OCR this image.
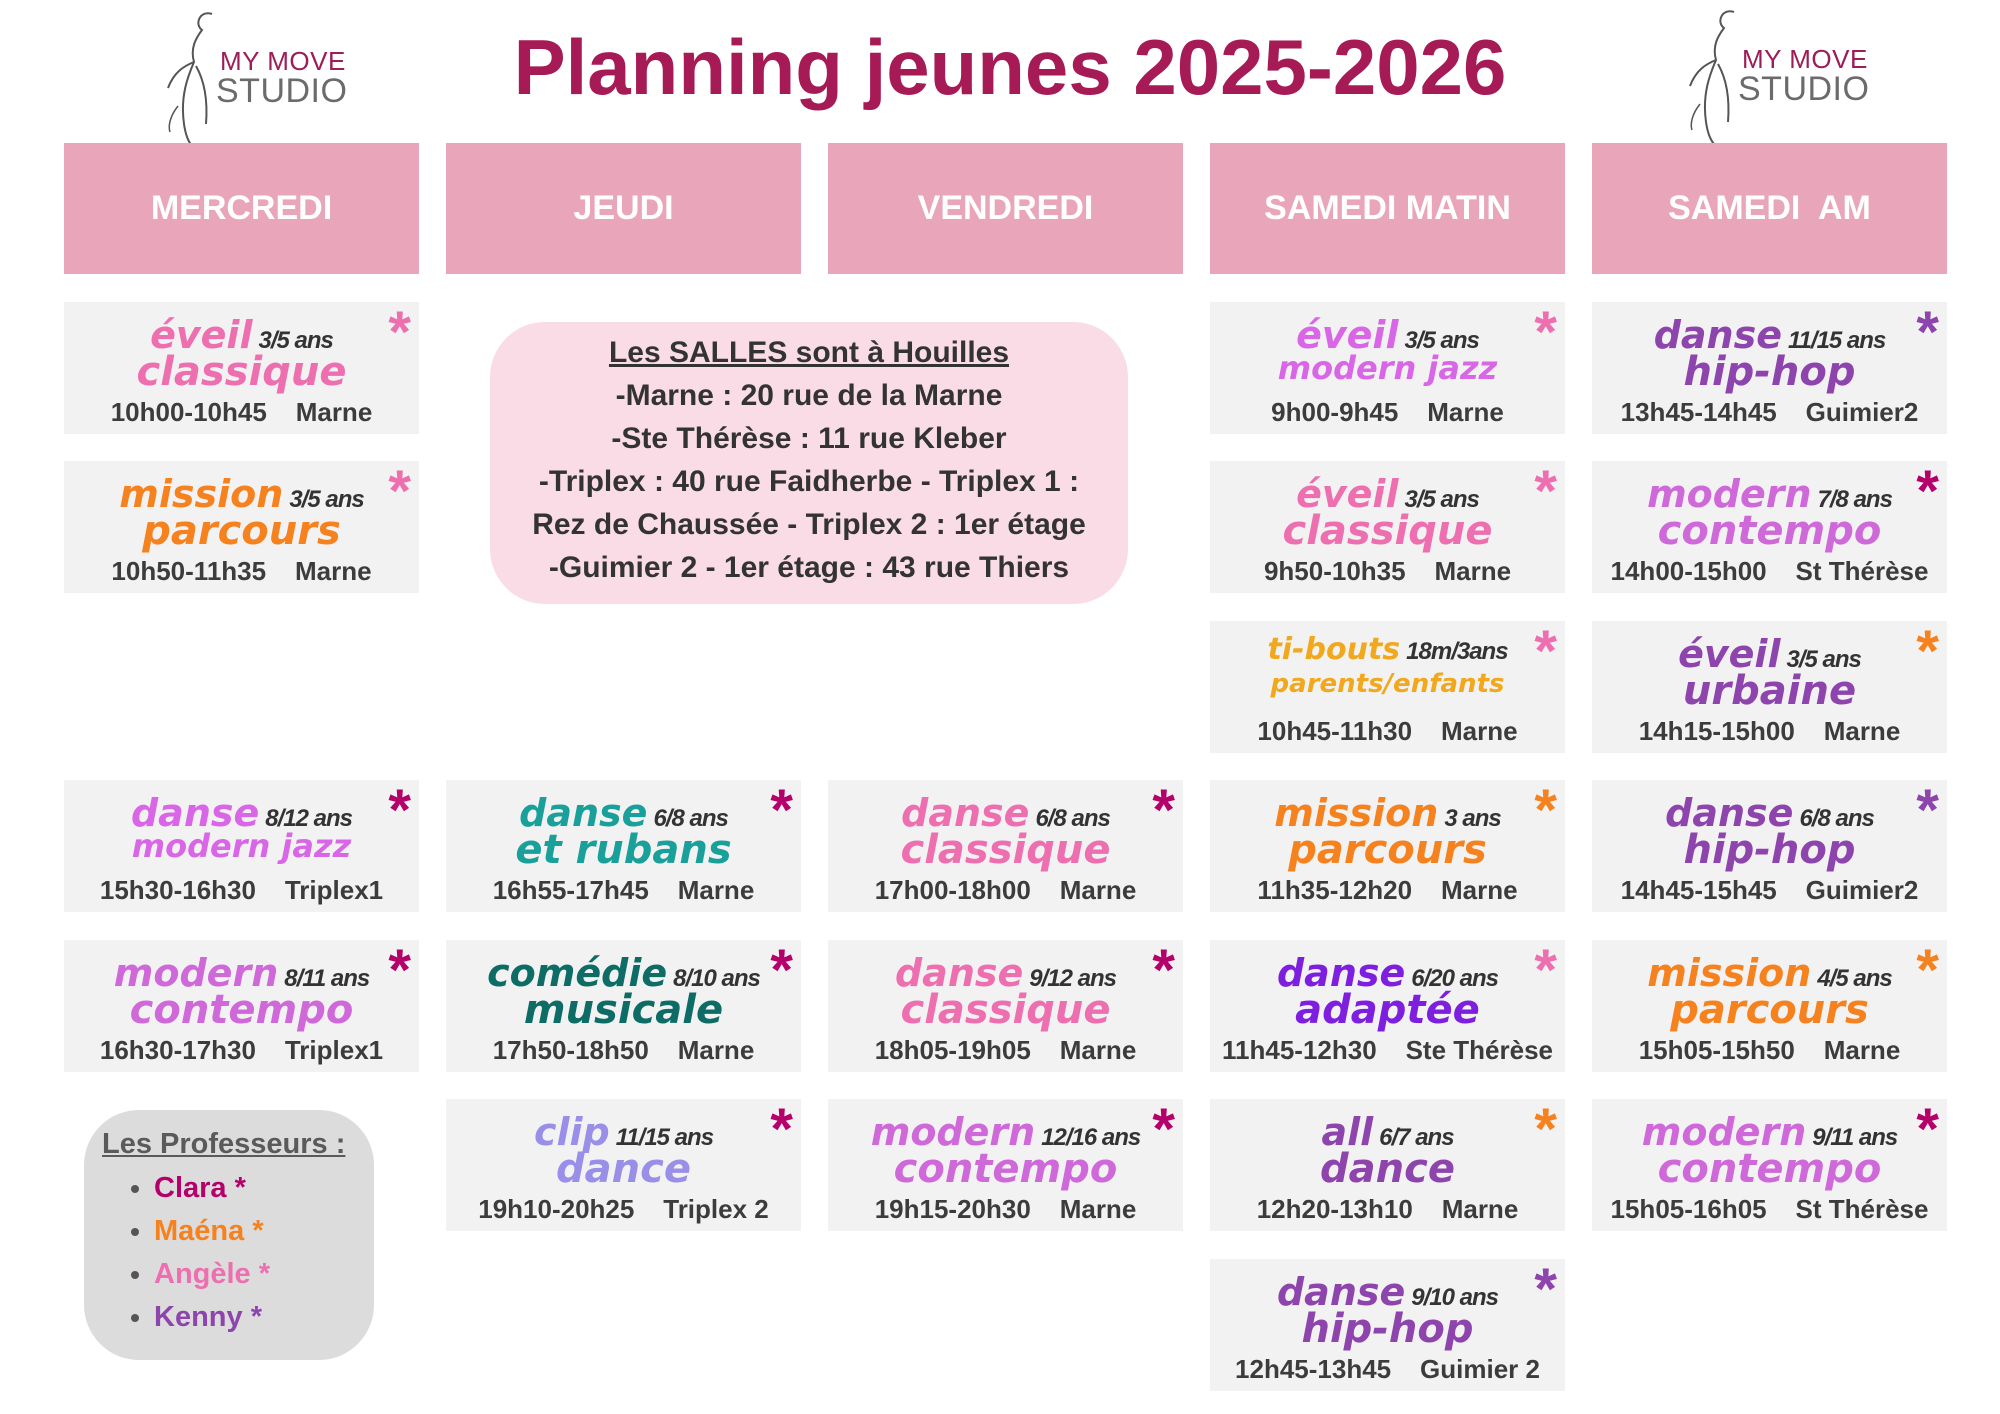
MY MOVE
STUDIO
MY MOVE
STUDIO
Planning jeunes 2025-2026
MERCREDI	JEUDI	VENDREDI	SAMEDI MATIN	SAMEDI  AM
Les SALLES sont à Houilles
-Marne : 20 rue de la Marne
-Ste Thérèse : 11 rue Kleber
-Triplex : 40 rue Faidherbe - Triplex 1 :
Rez de Chaussée - Triplex 2 : 1er étage
-Guimier 2 - 1er étage : 43 rue Thiers
Les Professeurs :
• Clara *
• Maéna *
• Angèle *
• Kenny *
éveil 3/5 ans
classique
10h00-10h45    Marne
*
mission 3/5 ans
parcours
10h50-11h35    Marne
*
danse 8/12 ans
modern jazz
15h30-16h30    Triplex1
*
modern 8/11 ans
contempo
16h30-17h30    Triplex1
*
danse 6/8 ans
et rubans
16h55-17h45    Marne
*
comédie 8/10 ans
musicale
17h50-18h50    Marne
*
clip 11/15 ans
dance
19h10-20h25    Triplex 2
*
danse 6/8 ans
classique
17h00-18h00    Marne
*
danse 9/12 ans
classique
18h05-19h05    Marne
*
modern 12/16 ans
contempo
19h15-20h30    Marne
*
éveil 3/5 ans
modern jazz
9h00-9h45    Marne
*
éveil 3/5 ans
classique
9h50-10h35    Marne
*
ti-bouts 18m/3ans
parents/enfants
10h45-11h30    Marne
*
mission 3 ans
parcours
11h35-12h20    Marne
*
danse 6/20 ans
adaptée
11h45-12h30    Ste Thérèse
*
all 6/7 ans
dance
12h20-13h10    Marne
*
danse 9/10 ans
hip-hop
12h45-13h45    Guimier 2
*
danse 11/15 ans
hip-hop
13h45-14h45    Guimier2
*
modern 7/8 ans
contempo
14h00-15h00    St Thérèse
*
éveil 3/5 ans
urbaine
14h15-15h00    Marne
*
danse 6/8 ans
hip-hop
14h45-15h45    Guimier2
*
mission 4/5 ans
parcours
15h05-15h50    Marne
*
modern 9/11 ans
contempo
15h05-16h05    St Thérèse
*
